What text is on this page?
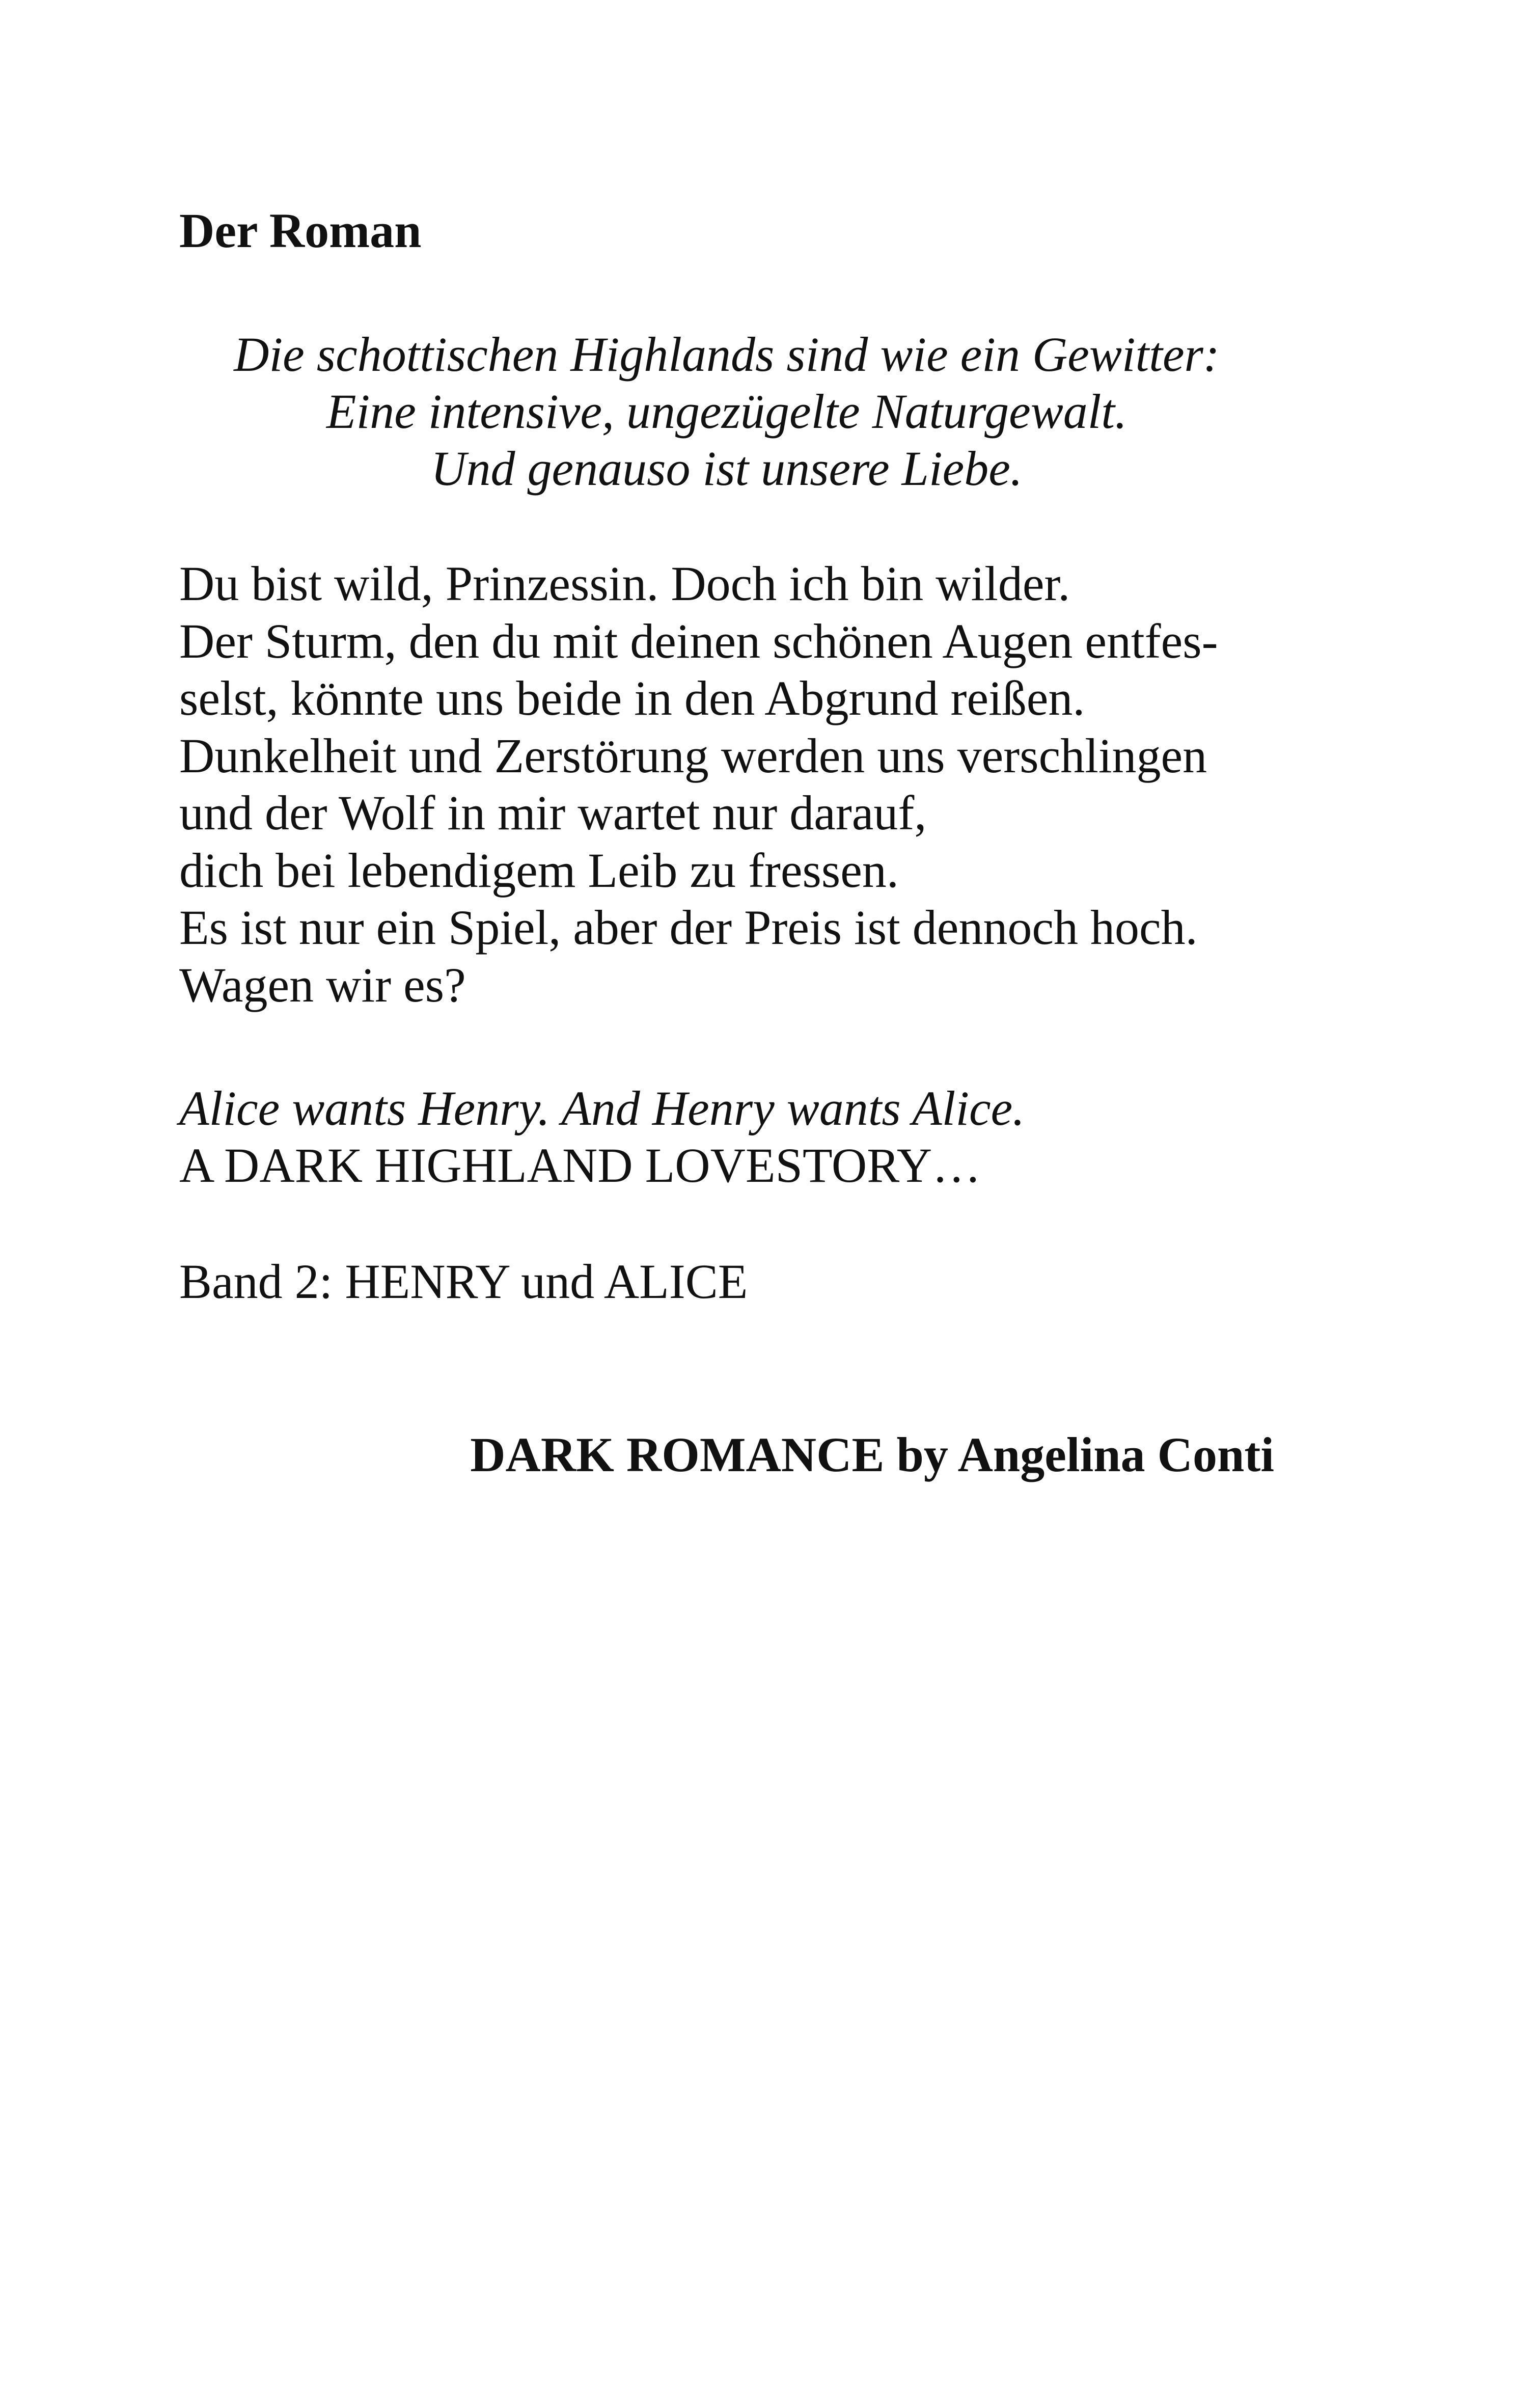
Der Roman
Die schottischen Highlands sind wie ein Gewitter:
Eine intensive, ungezügelte Naturgewalt.
Und genauso ist unsere Liebe.
Du bist wild, Prinzessin. Doch ich bin wilder.
Der Sturm, den du mit deinen schönen Augen entfes-
selst, könnte uns beide in den Abgrund reißen.
Dunkelheit und Zerstörung werden uns verschlingen
und der Wolf in mir wartet nur darauf,
dich bei lebendigem Leib zu fressen.
Es ist nur ein Spiel, aber der Preis ist dennoch hoch.
Wagen wir es?
Alice wants Henry. And Henry wants Alice.
A DARK HIGHLAND LOVESTORY…

Band 2: HENRY und ALICE

DARK ROMANCE by Angelina Conti
